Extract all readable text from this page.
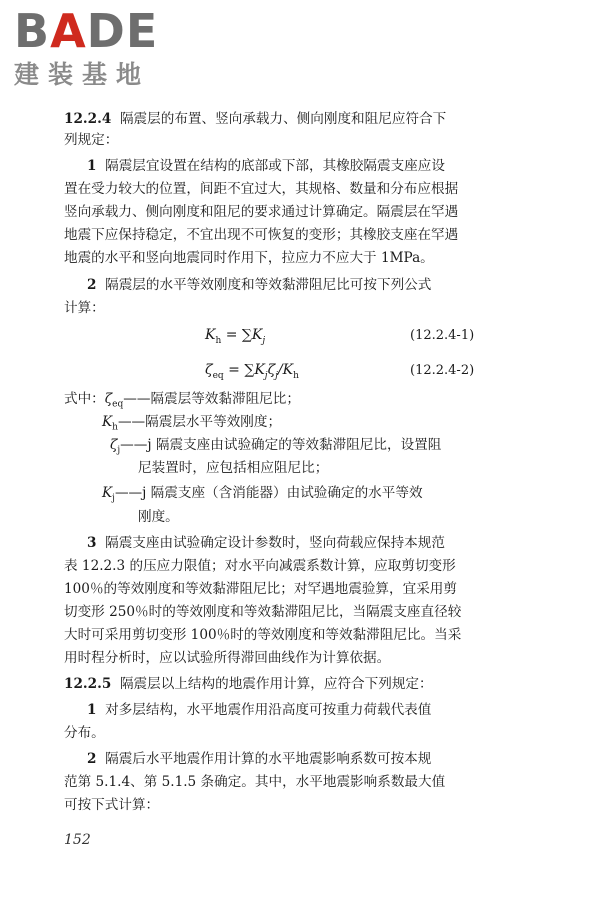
BADE
建装基地
12.2.4 隔震层的布置、竖向承载力、侧向刚度和阻尼应符合下
列规定：
1 隔震层宜设置在结构的底部或下部，其橡胶隔震支座应设
置在受力较大的位置，间距不宜过大，其规格、数量和分布应根据
竖向承载力、侧向刚度和阻尼的要求通过计算确定。隔震层在罕遇
地震下应保持稳定，不宜出现不可恢复的变形；其橡胶支座在罕遇
地震的水平和竖向地震同时作用下，拉应力不应大于 1MPa。
2 隔震层的水平等效刚度和等效黏滞阻尼比可按下列公式
计算：
$K_h = \sum K_j$	(12.2.4-1)
$\zeta_{eq} = \sum K_j\zeta_j/K_h$	(12.2.4-2)
式中：$\zeta_{eq}——$隔震层等效黏滞阻尼比；
$K_h——$隔震层水平等效刚度；
$\zeta_j——j$ 隔震支座由试验确定的等效黏滞阻尼比，设置阻
尼装置时，应包括相应阻尼比；
$K_j——j$ 隔震支座（含消能器）由试验确定的水平等效
刚度。
3 隔震支座由试验确定设计参数时，竖向荷载应保持本规范
表 12.2.3 的压应力限值；对水平向减震系数计算，应取剪切变形
100％的等效刚度和等效黏滞阻尼比；对罕遇地震验算，宜采用剪
切变形 250％时的等效刚度和等效黏滞阻尼比，当隔震支座直径较
大时可采用剪切变形 100％时的等效刚度和等效黏滞阻尼比。当采
用时程分析时，应以试验所得滞回曲线作为计算依据。
12.2.5 隔震层以上结构的地震作用计算，应符合下列规定：
1 对多层结构，水平地震作用沿高度可按重力荷载代表值
分布。
2 隔震后水平地震作用计算的水平地震影响系数可按本规
范第 5.1.4、第 5.1.5 条确定。其中，水平地震影响系数最大值
可按下式计算：
152
